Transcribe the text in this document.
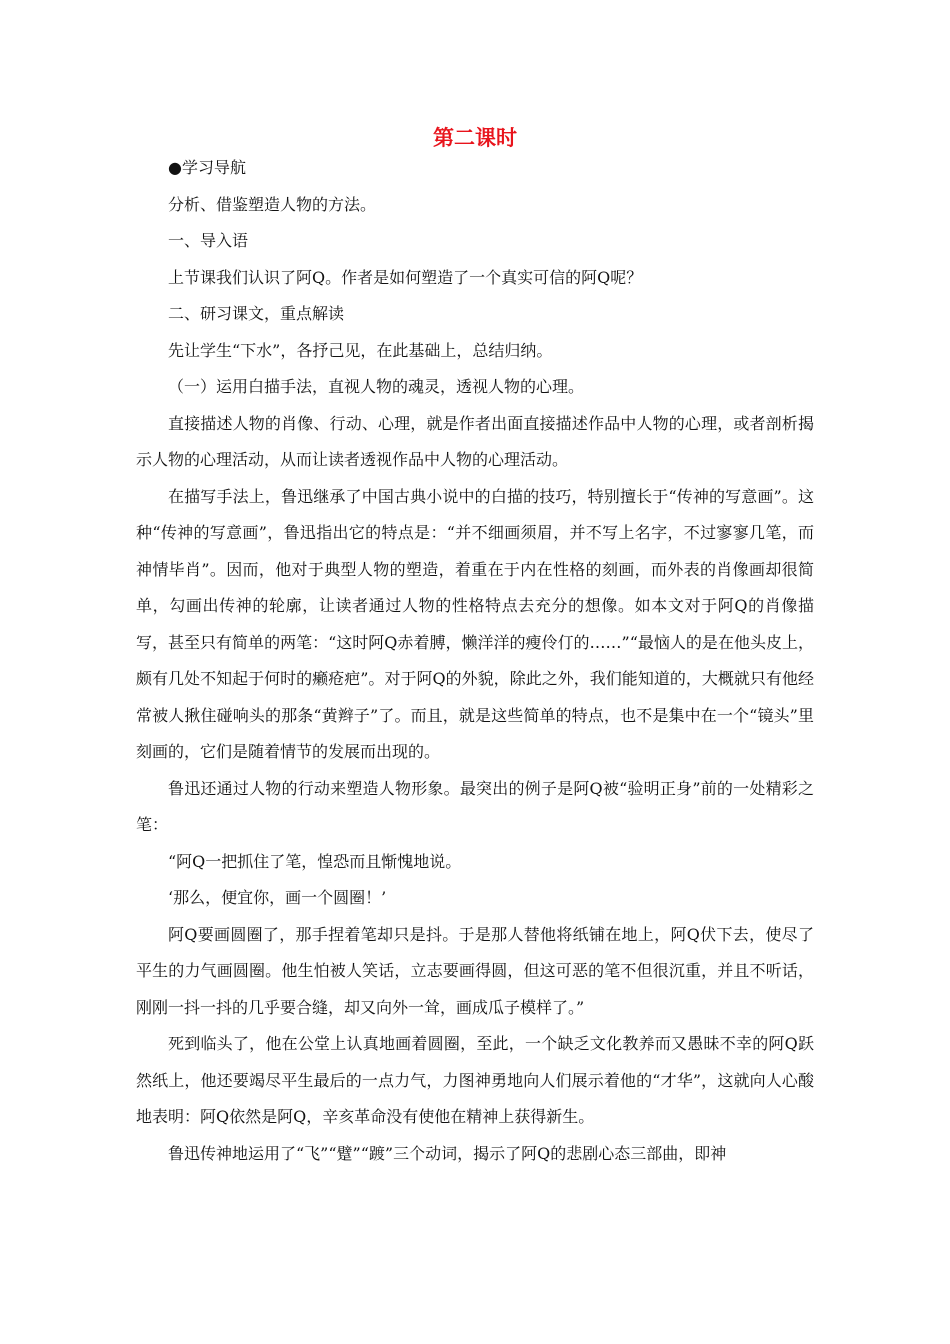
第二课时

●学习导航

分析、借鉴塑造人物的方法。

一、导入语

上节课我们认识了阿Q。作者是如何塑造了一个真实可信的阿Q呢？

二、研习课文，重点解读

先让学生“下水”，各抒己见，在此基础上，总结归纳。

（一）运用白描手法，直视人物的魂灵，透视人物的心理。

直接描述人物的肖像、行动、心理，就是作者出面直接描述作品中人物的心理，或者剖析揭示人物的心理活动，从而让读者透视作品中人物的心理活动。

在描写手法上，鲁迅继承了中国古典小说中的白描的技巧，特别擅长于“传神的写意画”。这种“传神的写意画”，鲁迅指出它的特点是：“并不细画须眉，并不写上名字，不过寥寥几笔，而神情毕肖”。因而，他对于典型人物的塑造，着重在于内在性格的刻画，而外表的肖像画却很简单，勾画出传神的轮廓，让读者通过人物的性格特点去充分的想像。如本文对于阿Q的肖像描写，甚至只有简单的两笔：“这时阿Q赤着膊，懒洋洋的瘦伶仃的……”“最恼人的是在他头皮上，颇有几处不知起于何时的癞疮疤”。对于阿Q的外貌，除此之外，我们能知道的，大概就只有他经常被人揪住碰响头的那条“黄辫子”了。而且，就是这些简单的特点，也不是集中在一个“镜头”里刻画的，它们是随着情节的发展而出现的。

鲁迅还通过人物的行动来塑造人物形象。最突出的例子是阿Q被“验明正身”前的一处精彩之笔：

“阿Q一把抓住了笔，惶恐而且惭愧地说。

‘那么，便宜你，画一个圆圈！’

阿Q要画圆圈了，那手捏着笔却只是抖。于是那人替他将纸铺在地上，阿Q伏下去，使尽了平生的力气画圆圈。他生怕被人笑话，立志要画得圆，但这可恶的笔不但很沉重，并且不听话，刚刚一抖一抖的几乎要合缝，却又向外一耸，画成瓜子模样了。”

死到临头了，他在公堂上认真地画着圆圈，至此，一个缺乏文化教养而又愚昧不幸的阿Q跃然纸上，他还要竭尽平生最后的一点力气，力图神勇地向人们展示着他的“才华”，这就向人心酸地表明：阿Q依然是阿Q，辛亥革命没有使他在精神上获得新生。

鲁迅传神地运用了“飞”“躄”“踱”三个动词，揭示了阿Q的悲剧心态三部曲，即神
